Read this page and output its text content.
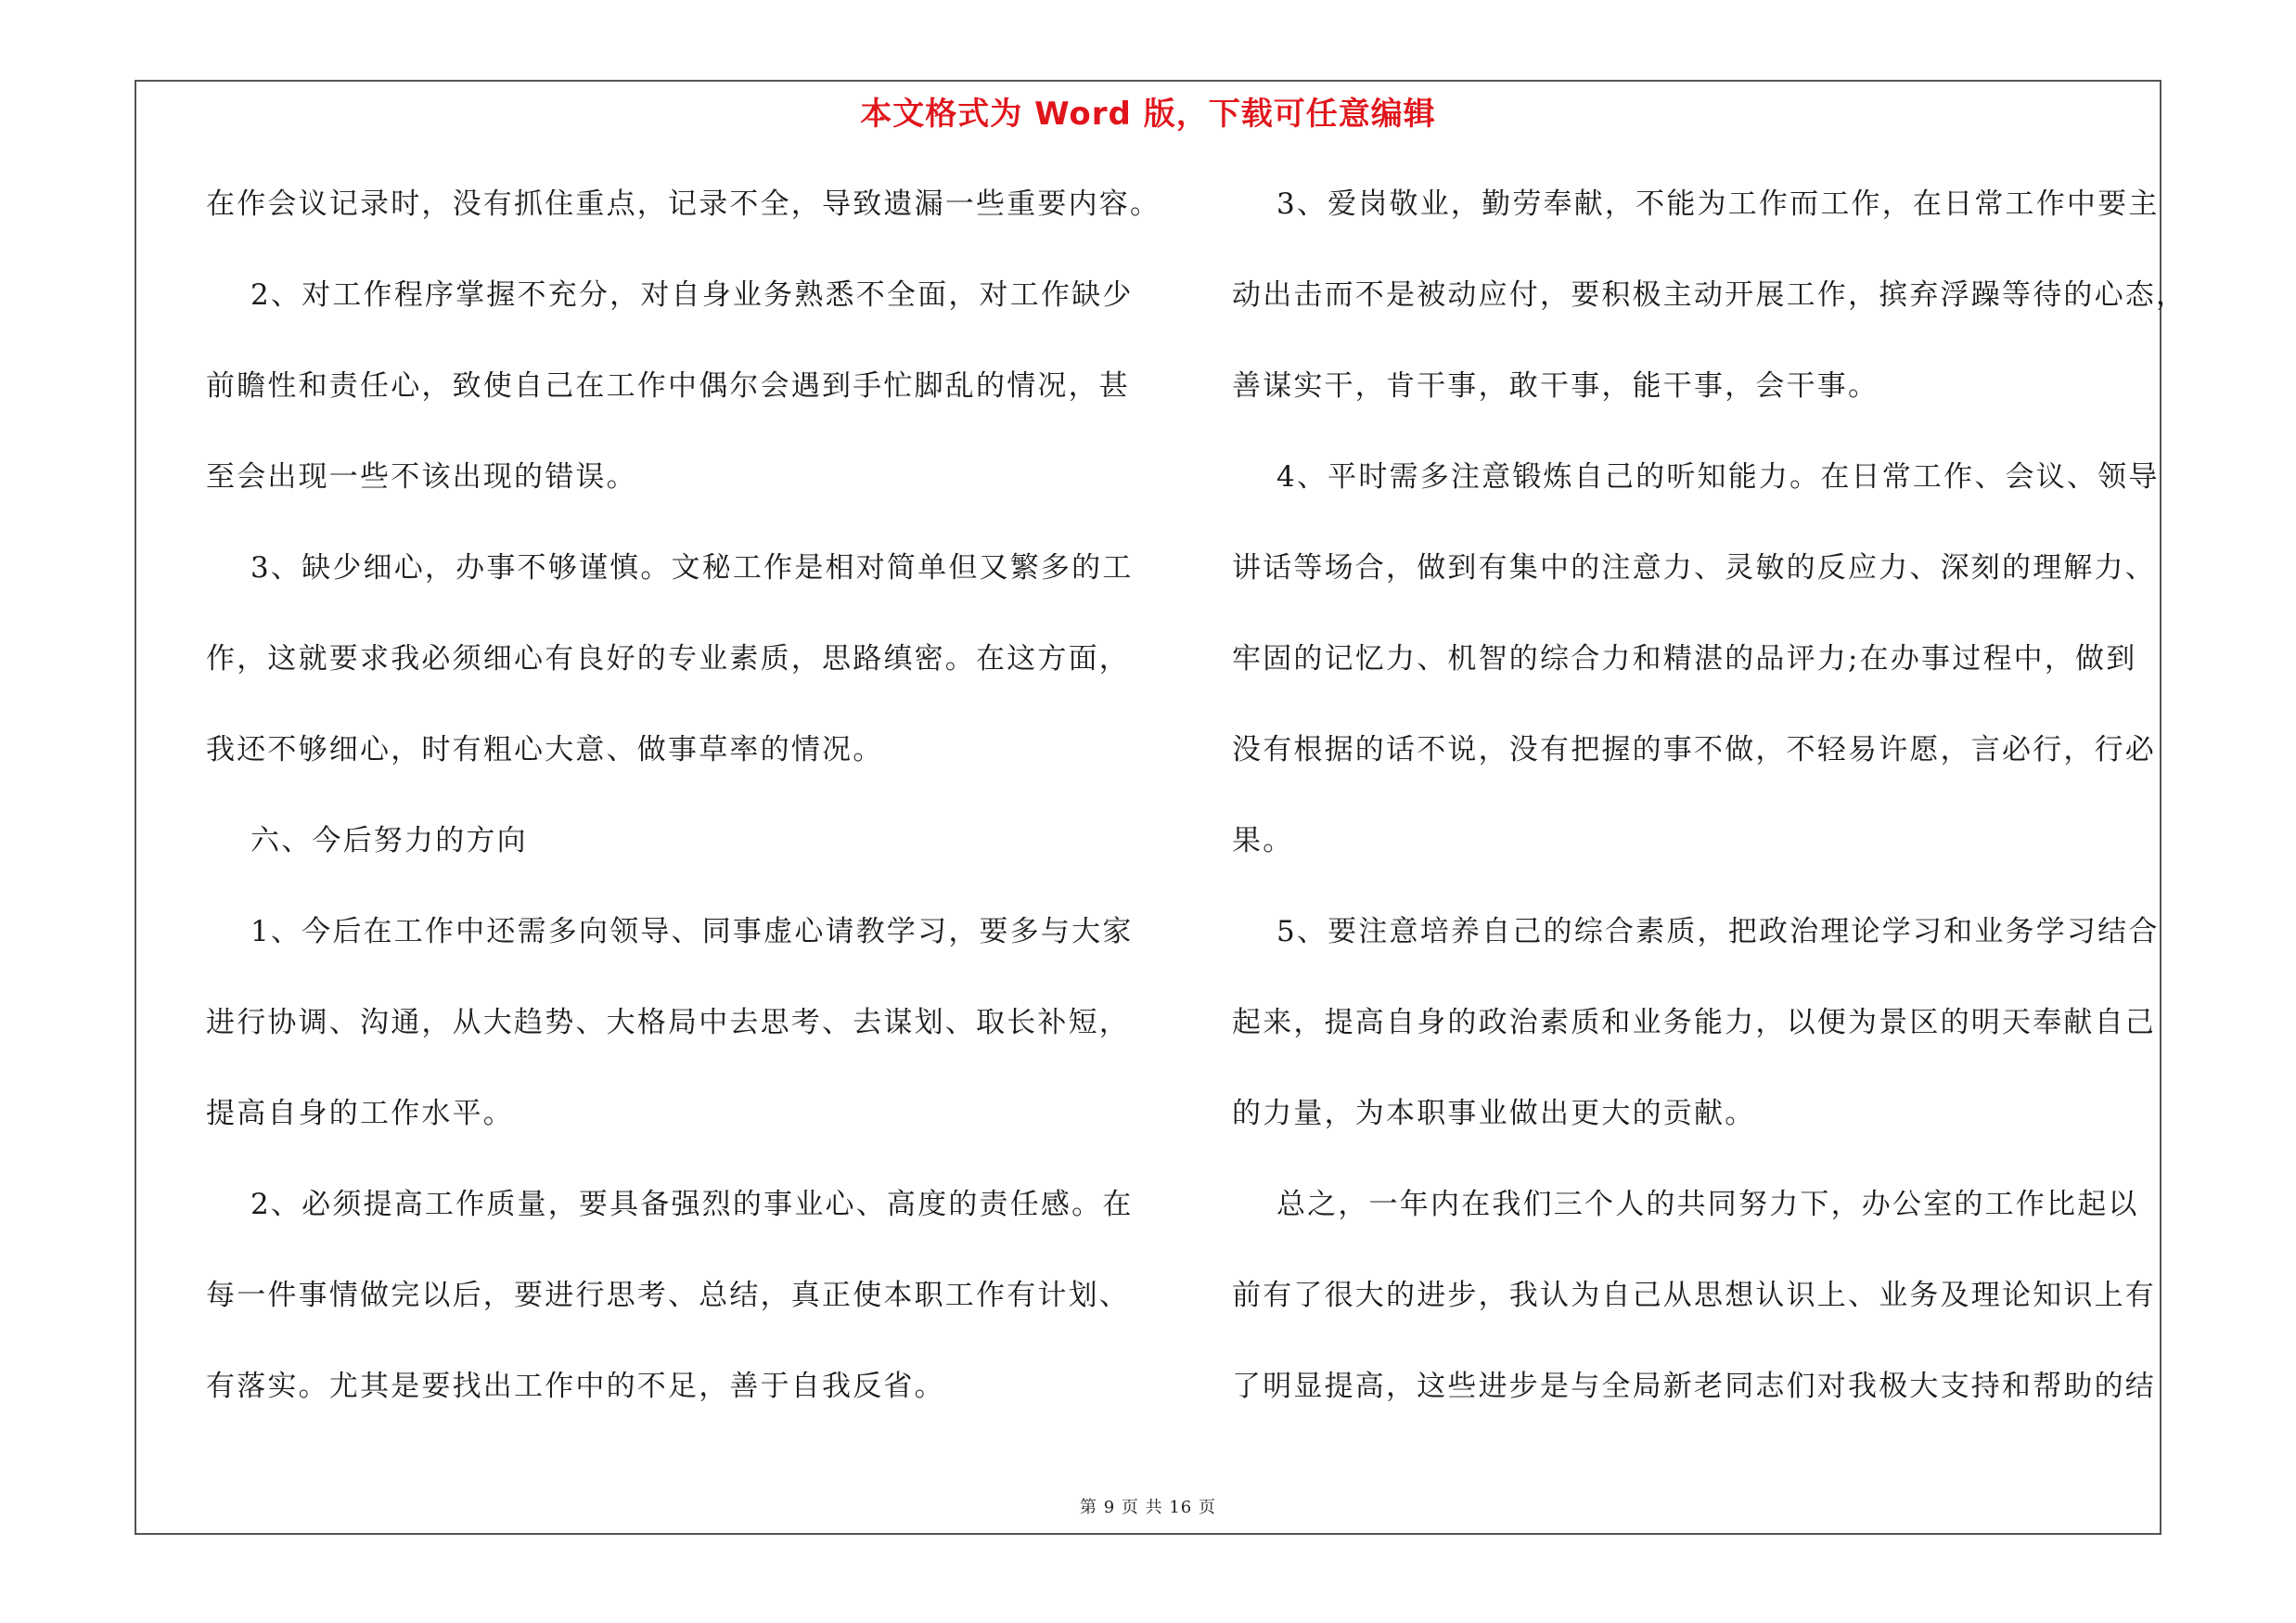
本文格式为 Word 版，下载可任意编辑
在作会议记录时，没有抓住重点，记录不全，导致遗漏一些重要内容。
2、对工作程序掌握不充分，对自身业务熟悉不全面，对工作缺少
前瞻性和责任心，致使自己在工作中偶尔会遇到手忙脚乱的情况，甚
至会出现一些不该出现的错误。
3、缺少细心，办事不够谨慎。文秘工作是相对简单但又繁多的工
作，这就要求我必须细心有良好的专业素质，思路缜密。在这方面，
我还不够细心，时有粗心大意、做事草率的情况。
六、今后努力的方向
1、今后在工作中还需多向领导、同事虚心请教学习，要多与大家
进行协调、沟通，从大趋势、大格局中去思考、去谋划、取长补短，
提高自身的工作水平。
2、必须提高工作质量，要具备强烈的事业心、高度的责任感。在
每一件事情做完以后，要进行思考、总结，真正使本职工作有计划、
有落实。尤其是要找出工作中的不足，善于自我反省。
3、爱岗敬业，勤劳奉献，不能为工作而工作，在日常工作中要主
动出击而不是被动应付，要积极主动开展工作，摈弃浮躁等待的心态，
善谋实干，肯干事，敢干事，能干事，会干事。
4、平时需多注意锻炼自己的听知能力。在日常工作、会议、领导
讲话等场合，做到有集中的注意力、灵敏的反应力、深刻的理解力、
牢固的记忆力、机智的综合力和精湛的品评力;在办事过程中，做到
没有根据的话不说，没有把握的事不做，不轻易许愿，言必行，行必
果。
5、要注意培养自己的综合素质，把政治理论学习和业务学习结合
起来，提高自身的政治素质和业务能力，以便为景区的明天奉献自己
的力量，为本职事业做出更大的贡献。
总之，一年内在我们三个人的共同努力下，办公室的工作比起以
前有了很大的进步，我认为自己从思想认识上、业务及理论知识上有
了明显提高，这些进步是与全局新老同志们对我极大支持和帮助的结
第 9 页 共 16 页
